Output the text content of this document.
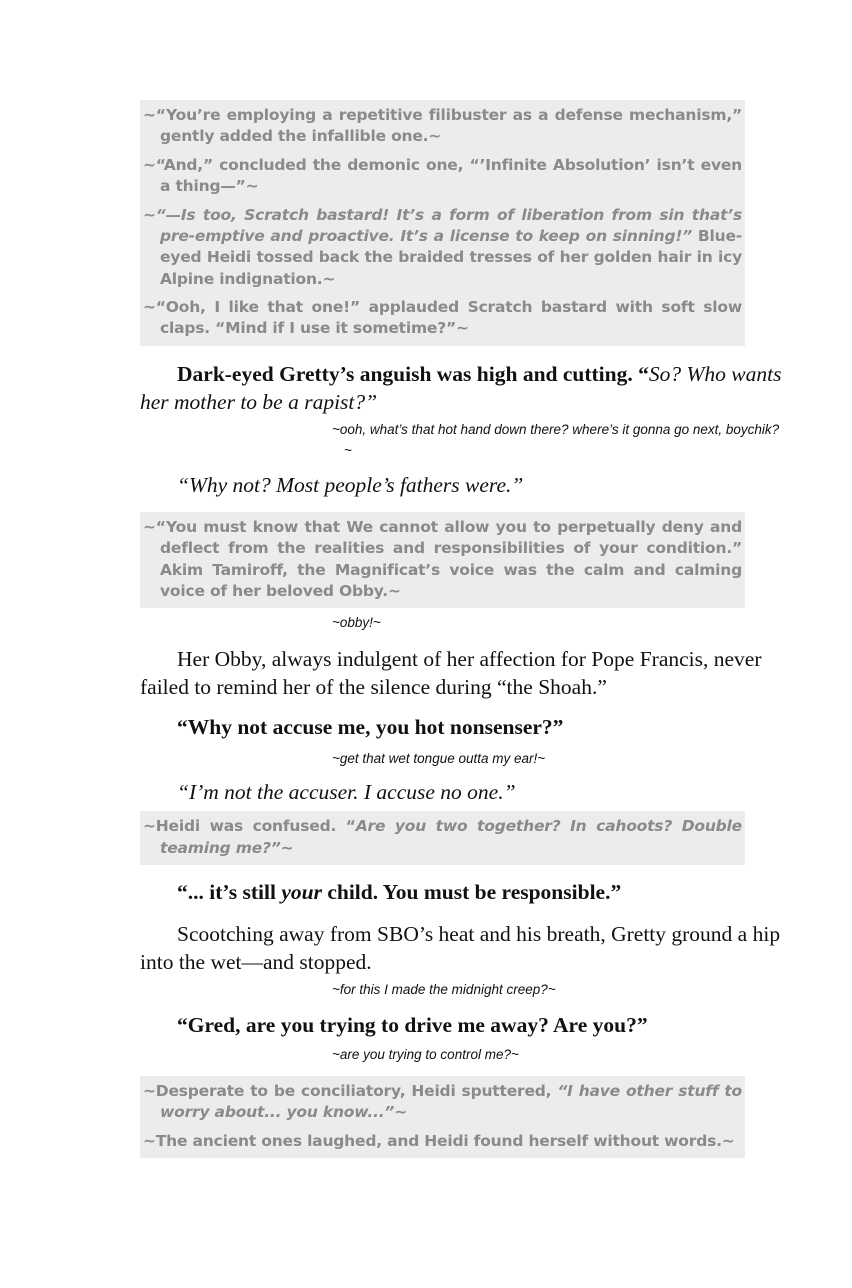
~“You’re employing a repetitive filibuster as a defense mechanism,” gently added the infallible one.~

~“And,” concluded the demonic one, “’Infinite Absolution’ isn’t even a thing—”~

~“—Is too, Scratch bastard! It’s a form of liberation from sin that’s pre-emptive and proactive. It’s a license to keep on sinning!” Blue-eyed Heidi tossed back the braided tresses of her golden hair in icy Alpine indignation.~

~“Ooh, I like that one!” applauded Scratch bastard with soft slow claps. “Mind if I use it sometime?”~

Dark-eyed Gretty’s anguish was high and cutting. “So? Who wants her mother to be a rapist?”

~ooh, what’s that hot hand down there? where’s it gonna go next, boychik?~

“Why not? Most people’s fathers were.”

~“You must know that We cannot allow you to perpetually deny and deflect from the realities and responsibilities of your condition.” Akim Tamiroff, the Magnificat’s voice was the calm and calming voice of her beloved Obby.~

~obby!~

Her Obby, always indulgent of her affection for Pope Francis, never failed to remind her of the silence during “the Shoah.”

“Why not accuse me, you hot nonsenser?”

~get that wet tongue outta my ear!~

“I’m not the accuser. I accuse no one.”

~Heidi was confused. “Are you two together? In cahoots? Double teaming me?”~

“... it’s still your child. You must be responsible.”

Scootching away from SBO’s heat and his breath, Gretty ground a hip into the wet—and stopped.

~for this I made the midnight creep?~

“Gred, are you trying to drive me away? Are you?”

~are you trying to control me?~

~Desperate to be conciliatory, Heidi sputtered, “I have other stuff to worry about... you know...”~

~The ancient ones laughed, and Heidi found herself without words.~
